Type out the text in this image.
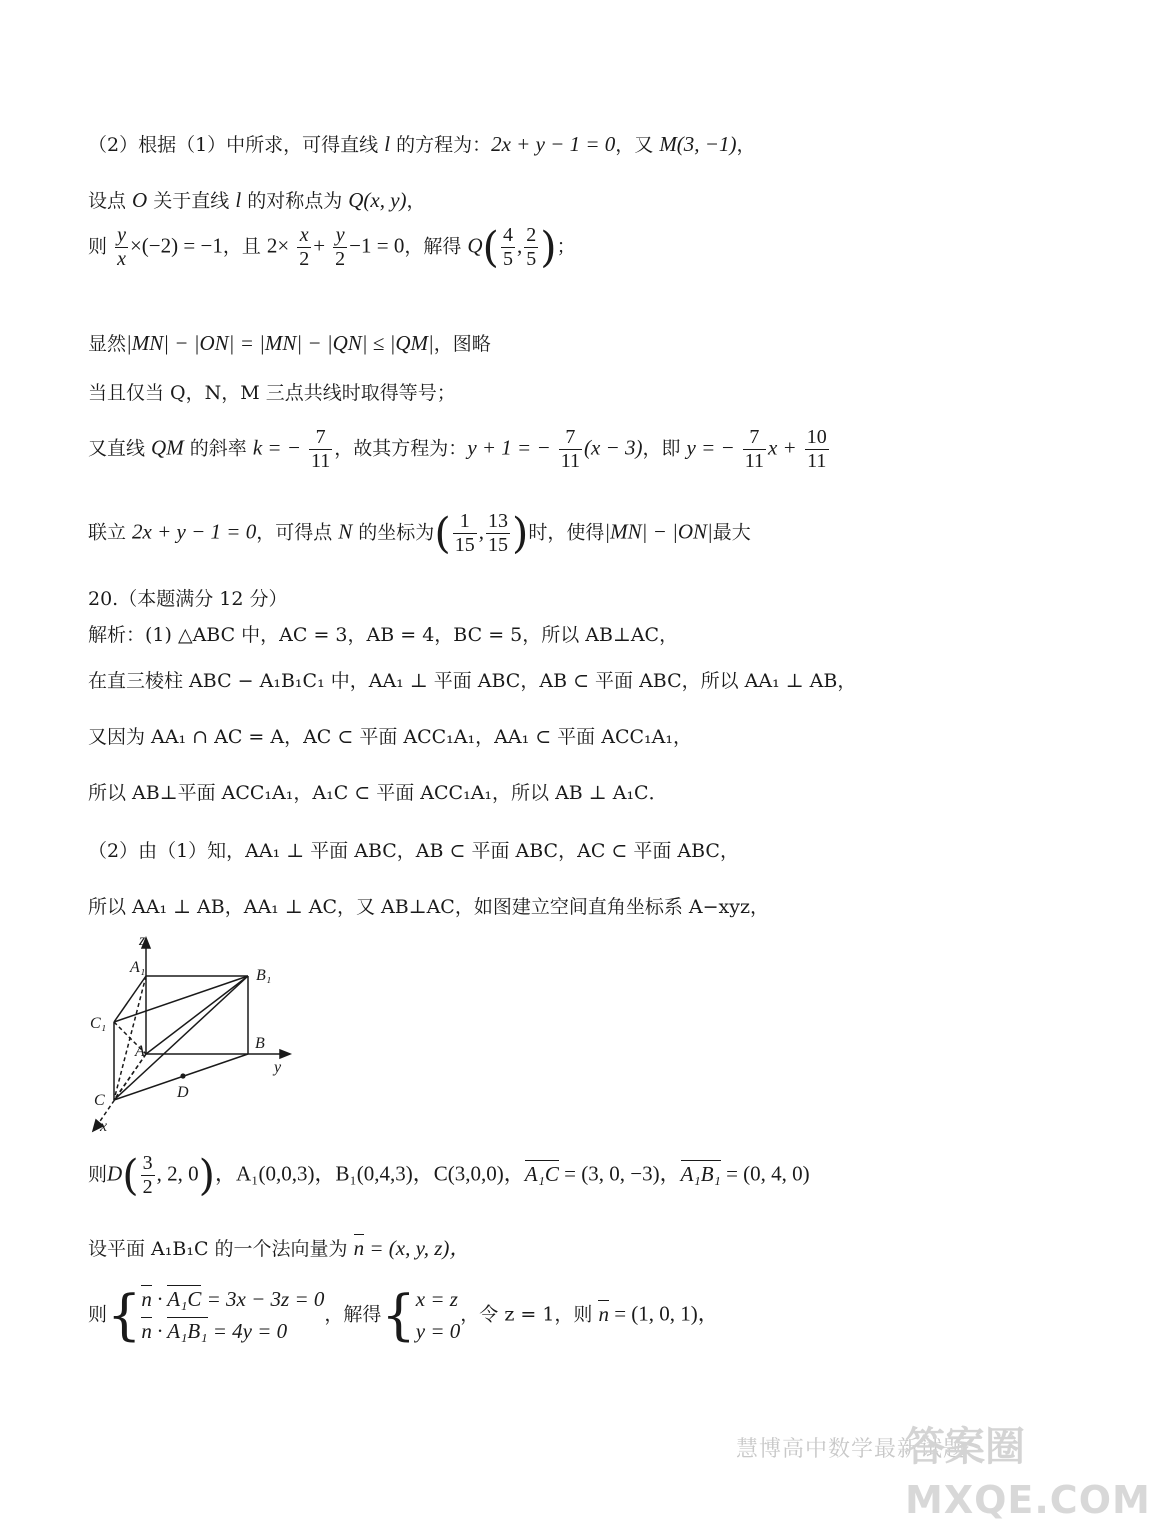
（2）根据（1）中所求，可得直线 l 的方程为：2x + y − 1 = 0，又 M(3, −1)，
设点 O 关于直线 l 的对称点为 Q(x, y)，
则 $\frac{y}{x} \times(-2) = -1$，且 $2\times \frac{x}{2} + \frac{y}{2} -1 = 0$，解得 $Q( \frac{4}{5}$ , $\frac{2}{5}$ )；
显然|MN| − |ON| = |MN| − |QN| ≤ |QM|，图略
当且仅当 Q，N，M 三点共线时取得等号；
又直线 QM 的斜率 k = − $\frac{7}{11}$ ，故其方程为：y + 1 = − $\frac{7}{11} (x - 3)$，即 y = − $\frac{7}{11}$ $x + \frac{10}{11}$
联立 2x + y − 1 = 0，可得点 N 的坐标为( $\frac{1}{15}$ , $\frac{13}{15}$ )时，使得|MN| − |ON|最大
20.（本题满分 12 分）
解析：(1) △ABC 中，AC = 3，AB = 4，BC = 5，所以 AB⊥AC，
在直三棱柱 ABC − A₁B₁C₁ 中，AA₁ ⊥ 平面 ABC，AB ⊂ 平面 ABC，所以 AA₁ ⊥ AB，
又因为 AA₁ ∩ AC = A，AC ⊂ 平面 ACC₁A₁，AA₁ ⊂ 平面 ACC₁A₁，
所以 AB⊥平面 ACC₁A₁，A₁C ⊂ 平面 ACC₁A₁，所以 AB ⊥ A₁C．
（2）由（1）知，AA₁ ⊥ 平面 ABC，AB ⊂ 平面 ABC，AC ⊂ 平面 ABC，
所以 AA₁ ⊥ AB，AA₁ ⊥ AC，又 AB⊥AC，如图建立空间直角坐标系 A−xyz，
z
A₁	B₁
C₁
A	B
y
C	D
x
则$D( \frac{3}{2}$ , 2, 0)，A₁(0,0,3)，B₁(0,4,3)，C(3,0,0)，A₁C = (3, 0, −3)，A₁B₁ = (0, 4, 0)
设平面 A₁B₁C 的一个法向量为 n = (x, y, z)，
则{ n · A₁C = 3x − 3z = 0
n · A₁B₁ = 4y = 0
，解得{ x = z
y = 0
，令 z = 1，则 n = (1, 0, 1)，
慧博高中数学最新试题
答案圈
MXQE.COM
